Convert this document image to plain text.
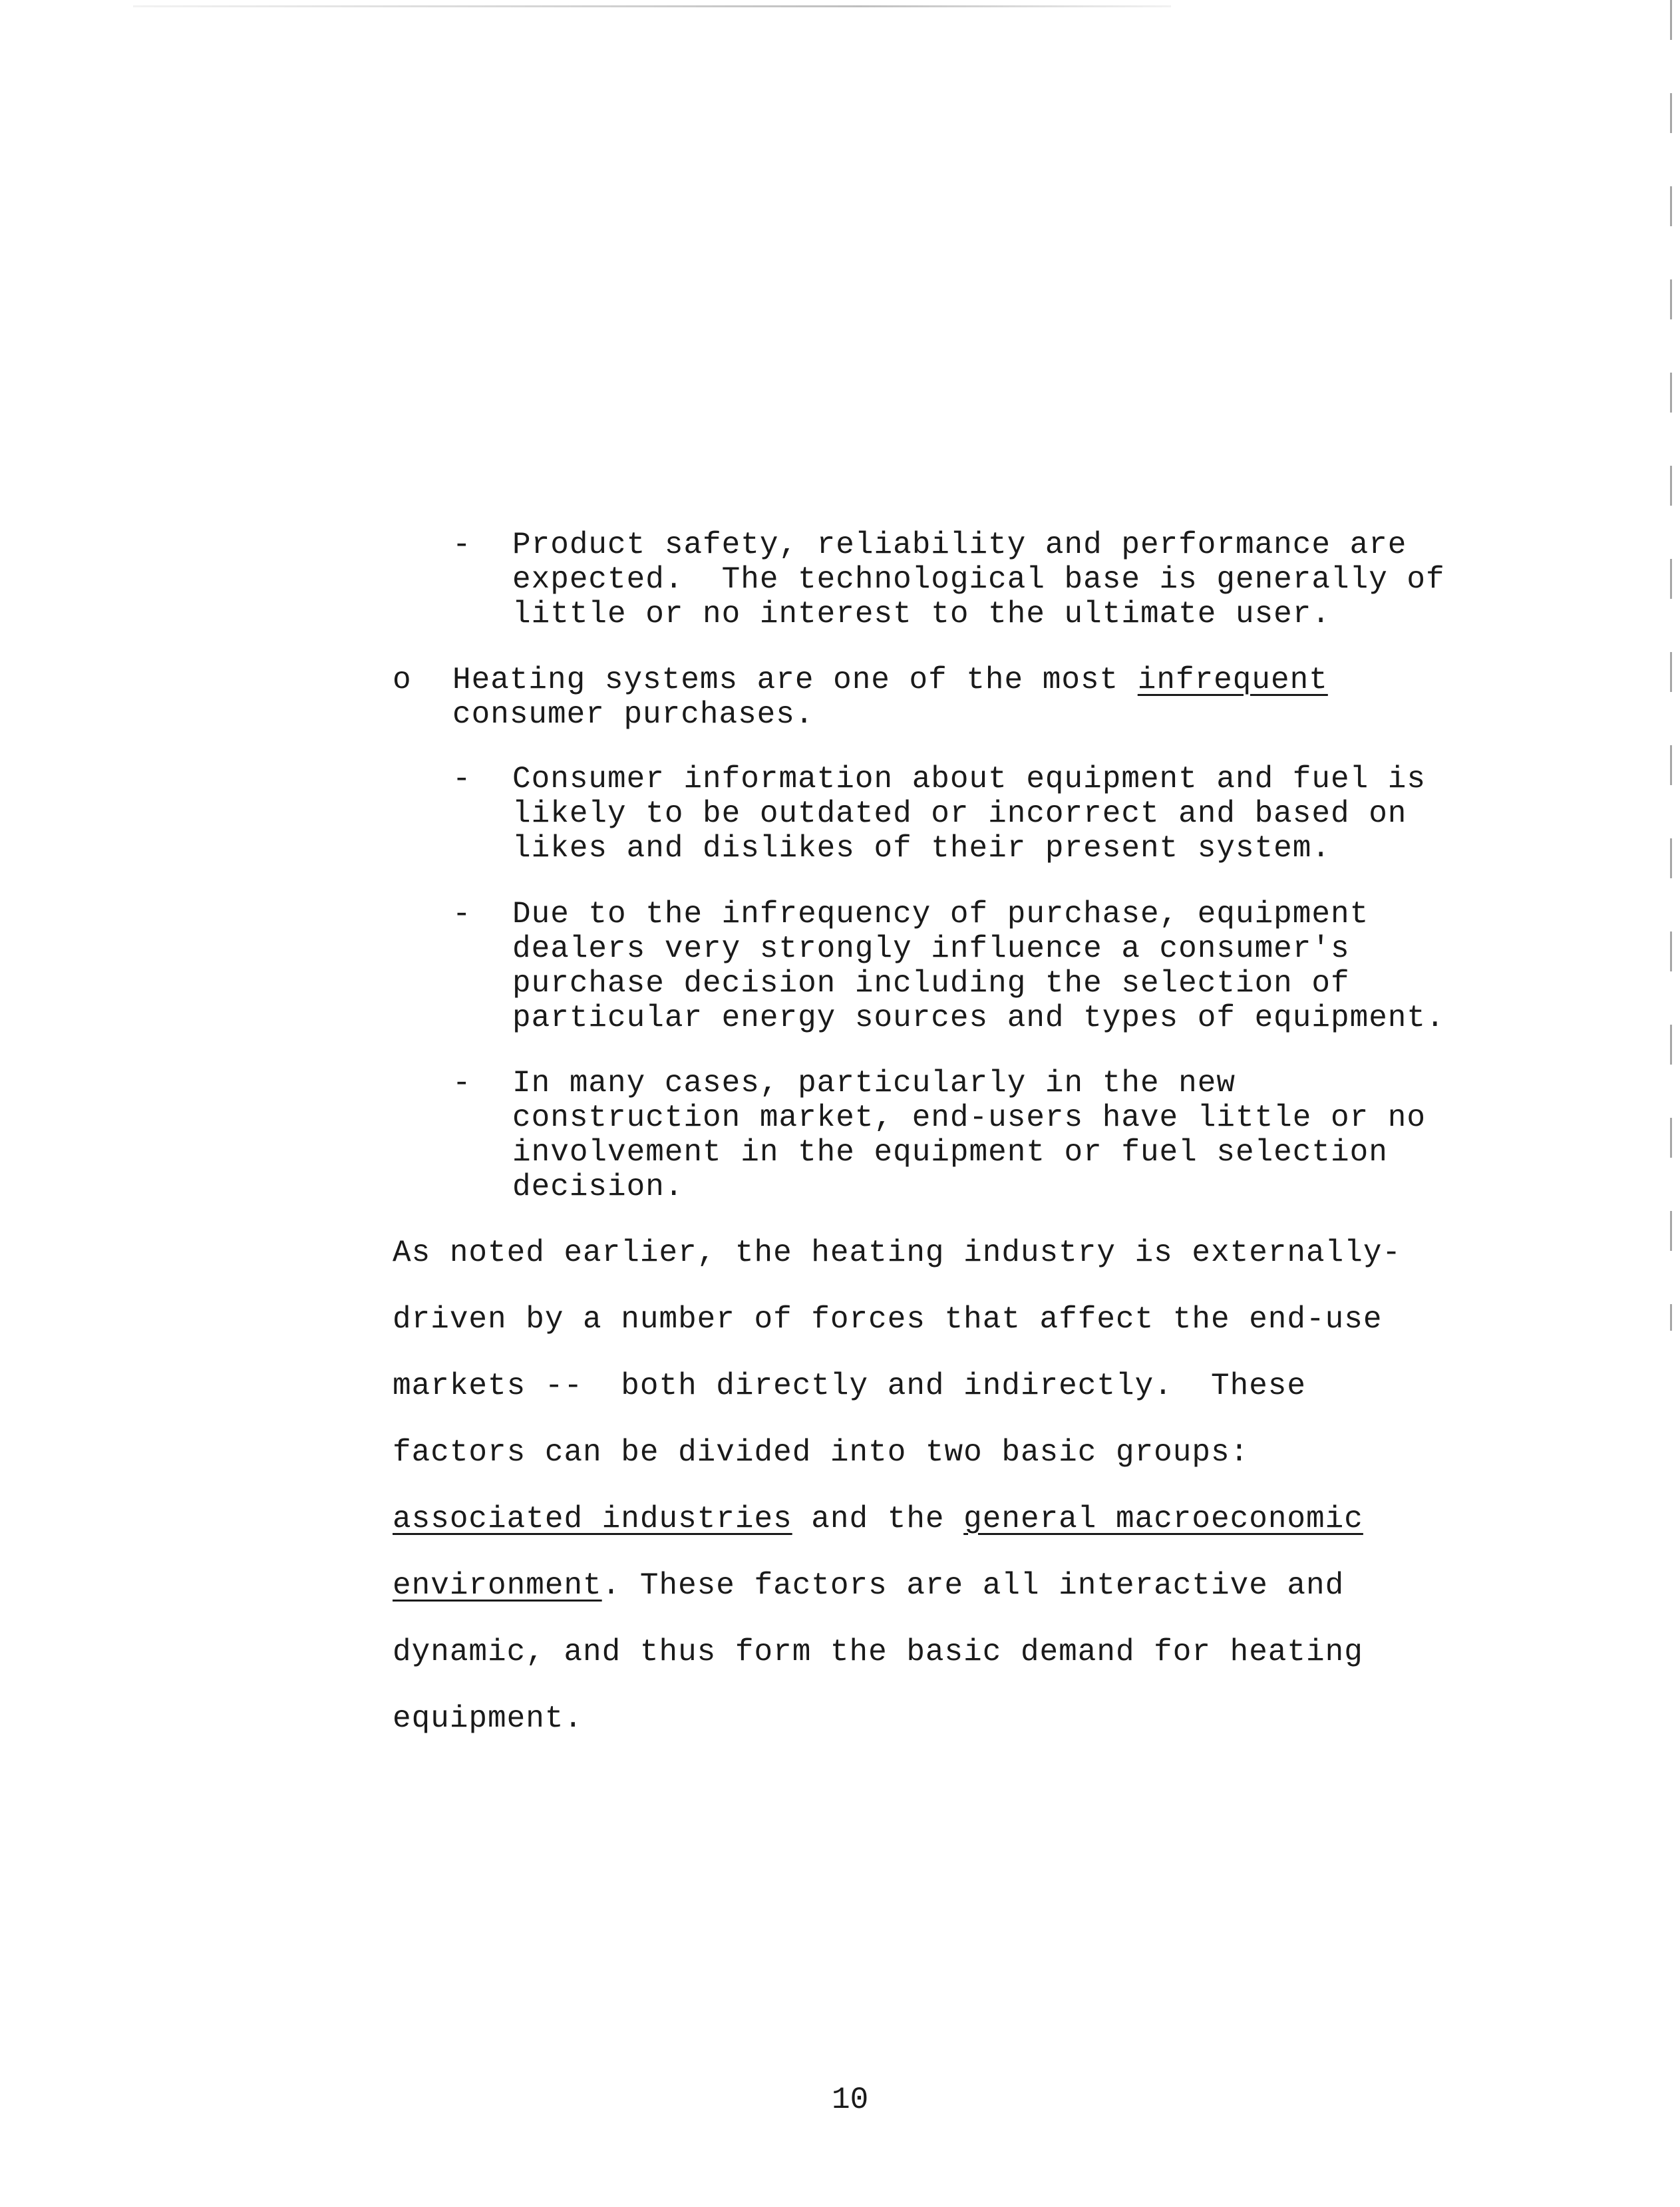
- Product safety, reliability and performance are
expected.  The technological base is generally of
little or no interest to the ultimate user.
o Heating systems are one of the most infrequent
consumer purchases.
- Consumer information about equipment and fuel is
likely to be outdated or incorrect and based on
likes and dislikes of their present system.
- Due to the infrequency of purchase, equipment
dealers very strongly influence a consumer's
purchase decision including the selection of
particular energy sources and types of equipment.
- In many cases, particularly in the new
construction market, end-users have little or no
involvement in the equipment or fuel selection
decision.
As noted earlier, the heating industry is externally-
driven by a number of forces that affect the end-use
markets --  both directly and indirectly.  These
factors can be divided into two basic groups:
associated industries and the general macroeconomic
environment. These factors are all interactive and
dynamic, and thus form the basic demand for heating
equipment.
10
